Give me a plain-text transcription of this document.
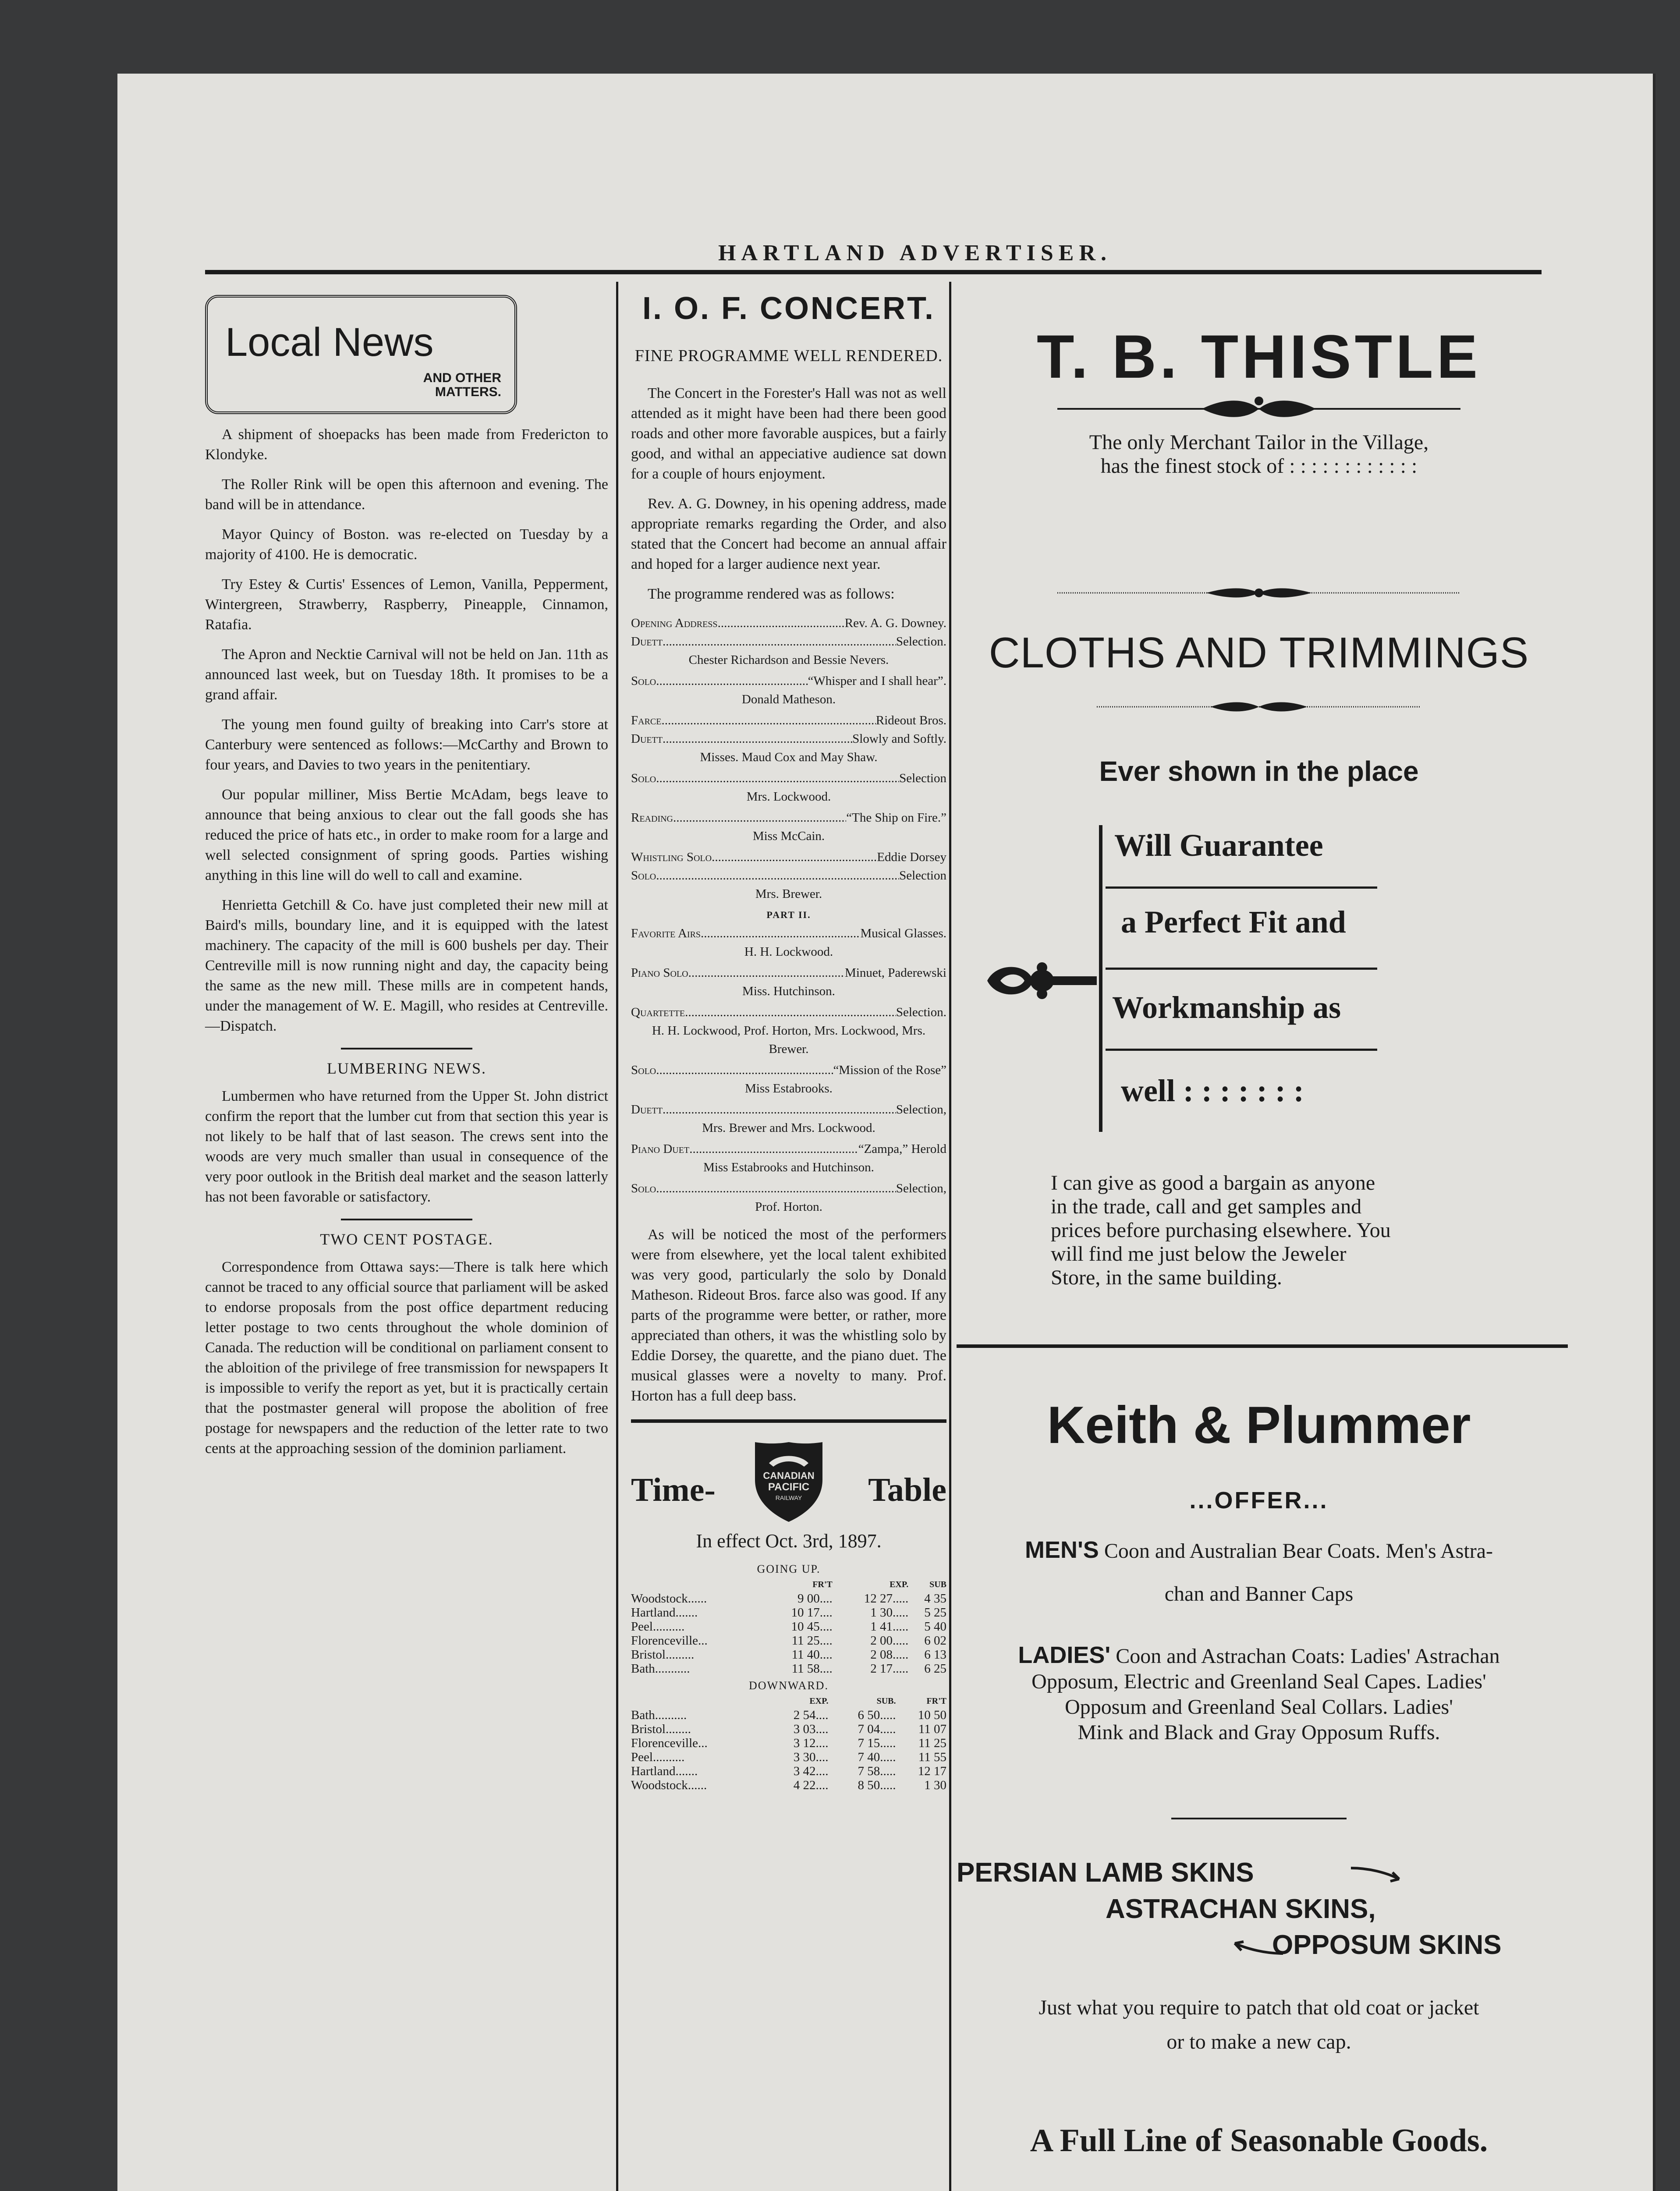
HARTLAND ADVERTISER.
Local News
AND OTHER
MATTERS.

A shipment of shoepacks has been made from Fredericton to Klondyke.

The Roller Rink will be open this afternoon and evening. The band will be in attendance.

Mayor Quincy of Boston. was re-elected on Tuesday by a majority of 4100. He is democratic.

Try Estey & Curtis' Essences of Lemon, Vanilla, Pepperment, Wintergreen, Strawberry, Raspberry, Pineapple, Cinnamon, Ratafia.

The Apron and Necktie Carnival will not be held on Jan. 11th as announced last week, but on Tuesday 18th. It promises to be a grand affair.

The young men found guilty of breaking into Carr's store at Canterbury were sentenced as follows:—McCarthy and Brown to four years, and Davies to two years in the penitentiary.

Our popular milliner, Miss Bertie McAdam, begs leave to announce that being anxious to clear out the fall goods she has reduced the price of hats etc., in order to make room for a large and well selected consignment of spring goods. Parties wishing anything in this line will do well to call and examine.

Henrietta Getchill & Co. have just completed their new mill at Baird's mills, boundary line, and it is equipped with the latest machinery. The capacity of the mill is 600 bushels per day. Their Centreville mill is now running night and day, the capacity being the same as the new mill. These mills are in competent hands, under the management of W. E. Magill, who resides at Centreville.—Dispatch.

LUMBERING NEWS.

Lumbermen who have returned from the Upper St. John district confirm the report that the lumber cut from that section this year is not likely to be half that of last season. The crews sent into the woods are very much smaller than usual in consequence of the very poor outlook in the British deal market and the season latterly has not been favorable or satisfactory.

TWO CENT POSTAGE.

Correspondence from Ottawa says:—There is talk here which cannot be traced to any official source that parliament will be asked to endorse proposals from the post office department reducing letter postage to two cents throughout the whole dominion of Canada. The reduction will be conditional on parliament consent to the abloition of the privilege of free transmission for newspapers It is impossible to verify the report as yet, but it is practically certain that the postmaster general will propose the abolition of free postage for newspapers and the reduction of the letter rate to two cents at the approaching session of the dominion parliament.

I. O. F. CONCERT.
FINE PROGRAMME WELL RENDERED.

The Concert in the Forester's Hall was not as well attended as it might have been had there been good roads and other more favorable auspices, but a fairly good, and withal an appeciative audience sat down for a couple of hours enjoyment.

Rev. A. G. Downey, in his opening address, made appropriate remarks regarding the Order, and also stated that the Concert had become an annual affair and hoped for a larger audience next year.

The programme rendered was as follows:

Opening Address .....	Rev. A. G. Downey.
Duett .....	Selection.
Chester Richardson and Bessie Nevers.
Solo .....	“Whisper and I shall hear”.
Donald Matheson.
Farce .....	Rideout Bros.
Duett .....	Slowly and Softly.
Misses. Maud Cox and May Shaw.
Solo .....	Selection
Mrs. Lockwood.
Reading .....	“The Ship on Fire.”
Miss McCain.
Whistling Solo .....	Eddie Dorsey
Solo .....	Selection
Mrs. Brewer.
PART II.
Favorite Airs .....	Musical Glasses.
H. H. Lockwood.
Piano Solo .....	Minuet, Paderewski
Miss. Hutchinson.
Quartette .....	Selection.
H. H. Lockwood, Prof. Horton, Mrs. Lockwood, Mrs. Brewer.
Solo .....	“Mission of the Rose”
Miss Estabrooks.
Duett .....	Selection,
Mrs. Brewer and Mrs. Lockwood.
Piano Duet .....	“Zampa,” Herold
Miss Estabrooks and Hutchinson.
Solo .....	Selection,
Prof. Horton.

As will be noticed the most of the performers were from elsewhere, yet the local talent exhibited was very good, particularly the solo by Donald Matheson. Rideout Bros. farce also was good. If any parts of the programme were better, or rather, more appreciated than others, it was the whistling solo by Eddie Dorsey, the quarette, and the piano duet. The musical glasses were a novelty to many. Prof. Horton has a full deep bass.

Time-	CANADIAN
PACIFIC
RAILWAY Table
In effect Oct. 3rd, 1897.
GOING UP.
	FR'T	EXP.	SUB
Woodstock......	9 00....	12 27.....	4 35
Hartland.......	10 17....	1 30.....	5 25
Peel..........	10 45....	1 41.....	5 40
Florenceville...	11 25....	2 00.....	6 02
Bristol.........	11 40....	2 08.....	6 13
Bath...........	11 58....	2 17.....	6 25
DOWNWARD.
	EXP.	SUB.	FR'T
Bath..........	2 54....	6 50.....	10 50
Bristol........	3 03....	7 04.....	11 07
Florenceville...	3 12....	7 15.....	11 25
Peel..........	3 30....	7 40.....	11 55
Hartland.......	3 42....	7 58.....	12 17
Woodstock......	4 22....	8 50.....	1 30
T. B. THISTLE
The only Merchant Tailor in the Village,
has the finest stock of : : : : : : : : : : : :
CLOTHS AND TRIMMINGS
Ever shown in the place
Will Guarantee
a Perfect Fit and
Workmanship as
well : : : : : : :
I can give as good a bargain as anyone
in the trade, call and get samples and
prices before purchasing elsewhere. You
will find me just below the Jeweler
Store, in the same building.
Keith & Plummer
...OFFER...
MEN'S Coon and Australian Bear Coats. Men's Astra-
chan and Banner Caps
LADIES' Coon and Astrachan Coats: Ladies' Astrachan
Opposum, Electric and Greenland Seal Capes. Ladies'
Opposum and Greenland Seal Collars. Ladies'
Mink and Black and Gray Opposum Ruffs.
PERSIAN LAMB SKINS
ASTRACHAN SKINS,
OPPOSUM SKINS
Just what you require to patch that old coat or jacket
or to make a new cap.
A Full Line of Seasonable Goods.
